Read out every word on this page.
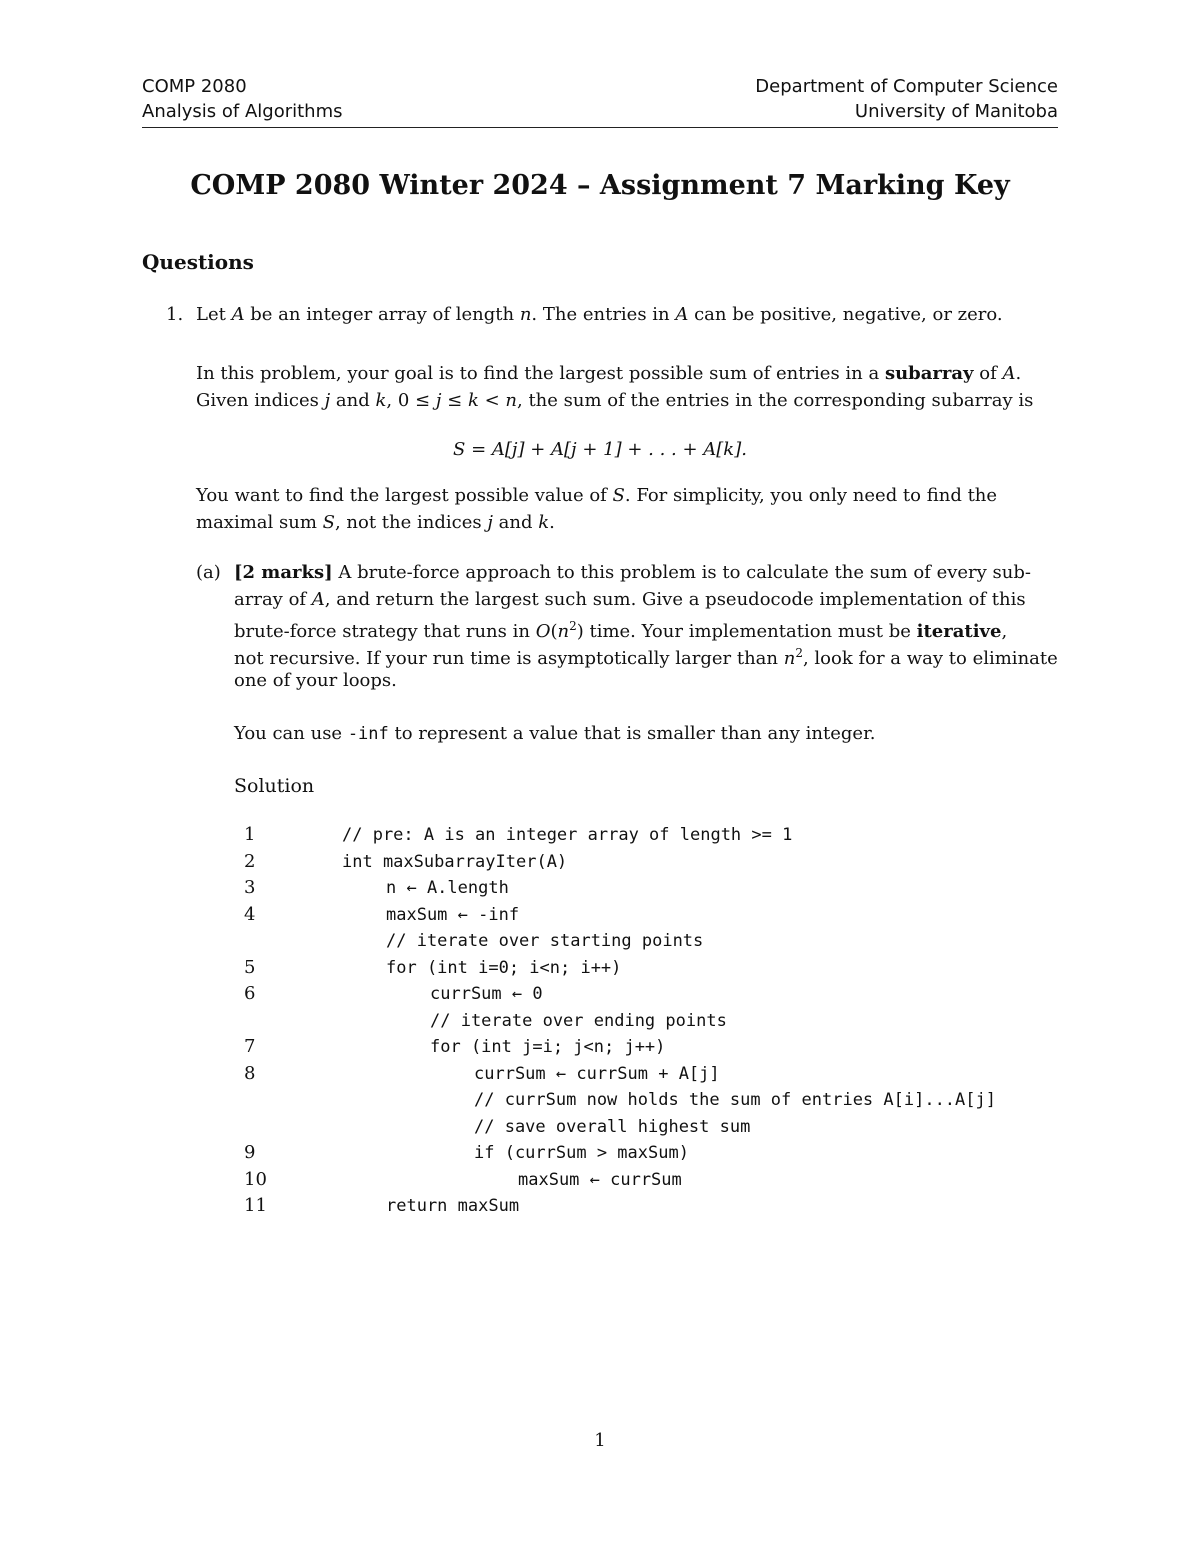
COMP 2080	Department of Computer Science
Analysis of Algorithms	University of Manitoba
COMP 2080 Winter 2024 – Assignment 7 Marking Key
Questions
1. Let A be an integer array of length n. The entries in A can be positive, negative, or zero.
In this problem, your goal is to find the largest possible sum of entries in a subarray of A.
Given indices j and k, 0 ≤ j ≤ k < n, the sum of the entries in the corresponding subarray is
S = A[j] + A[j + 1] + . . . + A[k].
You want to find the largest possible value of S. For simplicity, you only need to find the
maximal sum S, not the indices j and k.
(a) [2 marks] A brute-force approach to this problem is to calculate the sum of every sub-
array of A, and return the largest such sum. Give a pseudocode implementation of this
brute-force strategy that runs in $O(n^2)$ time. Your implementation must be iterative,
not recursive. If your run time is asymptotically larger than $n^2$, look for a way to eliminate
one of your loops.
You can use -inf to represent a value that is smaller than any integer.
Solution
1	// pre: A is an integer array of length >= 1
2	int maxSubarrayIter(A)
3	n ← A.length
4	maxSum ← -inf
// iterate over starting points
5	for (int i=0; i<n; i++)
6	currSum ← 0
// iterate over ending points
7	for (int j=i; j<n; j++)
8	currSum ← currSum + A[j]
// currSum now holds the sum of entries A[i]...A[j]
// save overall highest sum
9	if (currSum > maxSum)
10	maxSum ← currSum
11	return maxSum
1
